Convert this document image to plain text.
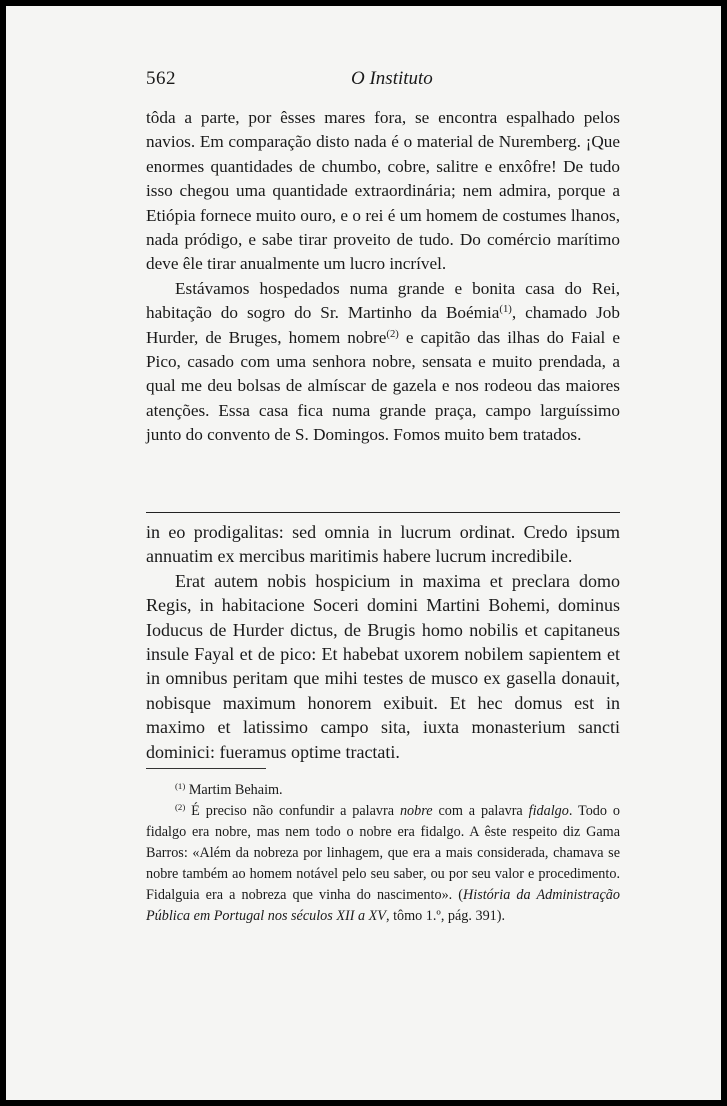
562	O Instituto

tôda a parte, por êsses mares fora, se encontra espalhado pelos navios. Em comparação disto nada é o material de Nuremberg. ¡Que enormes quantidades de chumbo, cobre, salitre e enxôfre! De tudo isso chegou uma quantidade extraordinária; nem admira, porque a Etiópia fornece muito ouro, e o rei é um homem de costumes lhanos, nada pródigo, e sabe tirar proveito de tudo. Do comércio marítimo deve êle tirar anualmente um lucro incrível.

Estávamos hospedados numa grande e bonita casa do Rei, habitação do sogro do Sr. Martinho da Boémia$^{(1)}$, chamado Job Hurder, de Bruges, homem nobre$^{(2)}$ e capitão das ilhas do Faial e Pico, casado com uma senhora nobre, sensata e muito prendada, a qual me deu bolsas de almíscar de gazela e nos rodeou das maiores atenções. Essa casa fica numa grande praça, campo larguíssimo junto do convento de S. Domingos. Fomos muito bem tratados.

in eo prodigalitas: sed omnia in lucrum ordinat. Credo ipsum annuatim ex mercibus maritimis habere lucrum incredibile.

Erat autem nobis hospicium in maxima et preclara domo Regis, in habitacione Soceri domini Martini Bohemi, dominus Ioducus de Hurder dictus, de Brugis homo nobilis et capitaneus insule Fayal et de pico: Et habebat uxorem nobilem sapientem et in omnibus peritam que mihi testes de musco ex gasella donauit, nobisque maximum honorem exibuit. Et hec domus est in maximo et latissimo campo sita, iuxta monasterium sancti dominici: fueramus optime tractati.

$^{(1)}$ Martim Behaim.

$^{(2)}$ É preciso não confundir a palavra nobre com a palavra fidalgo. Todo o fidalgo era nobre, mas nem todo o nobre era fidalgo. A êste respeito diz Gama Barros: «Além da nobreza por linhagem, que era a mais considerada, chamava se nobre também ao homem notável pelo seu saber, ou por seu valor e procedimento. Fidalguia era a nobreza que vinha do nascimento». (História da Administração Pública em Portugal nos séculos XII a XV, tômo 1.º, pág. 391).
